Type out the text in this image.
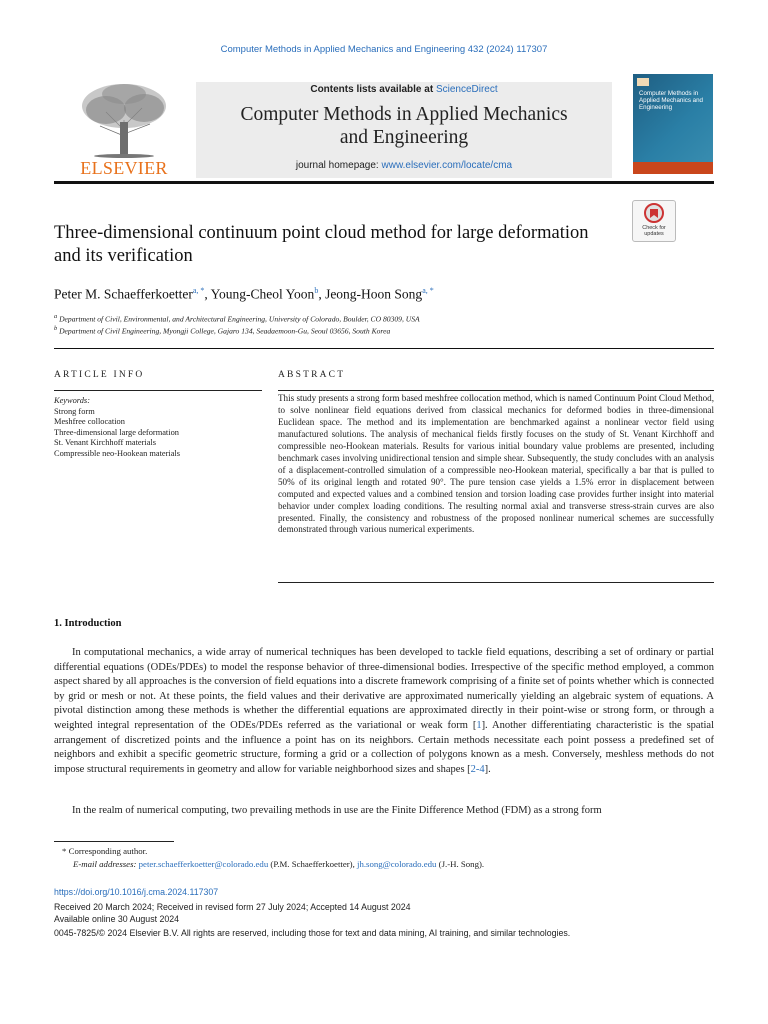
Computer Methods in Applied Mechanics and Engineering 432 (2024) 117307
ELSEVIER
Contents lists available at ScienceDirect
Computer Methods in Applied Mechanics
and Engineering
journal homepage: www.elsevier.com/locate/cma
Computer Methods in Applied Mechanics and Engineering
Three-dimensional continuum point cloud method for large deformation and its verification
Check for updates
Peter M. Schaefferkoetter$^{a, *}$, Young-Cheol Yoon$^b$, Jeong-Hoon Song$^{a, *}$
$^a$ Department of Civil, Environmental, and Architectural Engineering, University of Colorado, Boulder, CO 80309, USA
$^b$ Department of Civil Engineering, Myongji College, Gajaro 134, Seadaemoon-Gu, Seoul 03656, South Korea
ARTICLE INFO	ABSTRACT
Keywords:
Strong form
Meshfree collocation
Three-dimensional large deformation
St. Venant Kirchhoff materials
Compressible neo-Hookean materials
This study presents a strong form based meshfree collocation method, which is named Continuum Point Cloud Method, to solve nonlinear field equations derived from classical mechanics for deformed bodies in three-dimensional Euclidean space. The method and its implementation are benchmarked against a nonlinear vector field using manufactured solutions. The analysis of mechanical fields firstly focuses on the study of St. Venant Kirchhoff and compressible neo-Hookean materials. Results for various initial boundary value problems are presented, including benchmark cases involving unidirectional tension and simple shear. Subsequently, the study concludes with an analysis of a displacement-controlled simulation of a compressible neo-Hookean material, specifically a bar that is pulled to 50% of its original length and rotated 90°. The pure tension case yields a 1.5% error in displacement between computed and expected values and a combined tension and torsion loading case provides further insight into material behavior under complex loading conditions. The resulting normal axial and transverse stress-strain curves are also presented. Finally, the consistency and robustness of the proposed nonlinear numerical schemes are successfully demonstrated through various numerical experiments.
1. Introduction
In computational mechanics, a wide array of numerical techniques has been developed to tackle field equations, describing a set of ordinary or partial differential equations (ODEs/PDEs) to model the response behavior of three-dimensional bodies. Irrespective of the specific method employed, a common aspect shared by all approaches is the conversion of field equations into a discrete framework comprising of a finite set of points whether which is connected by grid or mesh or not. At these points, the field values and their derivative are approximated numerically yielding an algebraic system of equations. A pivotal distinction among these methods is whether the differential equations are approximated directly in their point-wise or strong form, or through a weighted integral representation of the ODEs/PDEs referred as the variational or weak form [1]. Another differentiating characteristic is the spatial arrangement of discretized points and the influence a point has on its neighbors. Certain methods necessitate each point possess a predefined set of neighbors and exhibit a specific geometric structure, forming a grid or a collection of polygons known as a mesh. Conversely, meshless methods do not impose structural requirements in geometry and allow for variable neighborhood sizes and shapes [2-4].
In the realm of numerical computing, two prevailing methods in use are the Finite Difference Method (FDM) as a strong form
* Corresponding author.
E-mail addresses: peter.schaefferkoetter@colorado.edu (P.M. Schaefferkoetter), jh.song@colorado.edu (J.-H. Song).
https://doi.org/10.1016/j.cma.2024.117307
Received 20 March 2024; Received in revised form 27 July 2024; Accepted 14 August 2024
Available online 30 August 2024
0045-7825/© 2024 Elsevier B.V. All rights are reserved, including those for text and data mining, AI training, and similar technologies.
